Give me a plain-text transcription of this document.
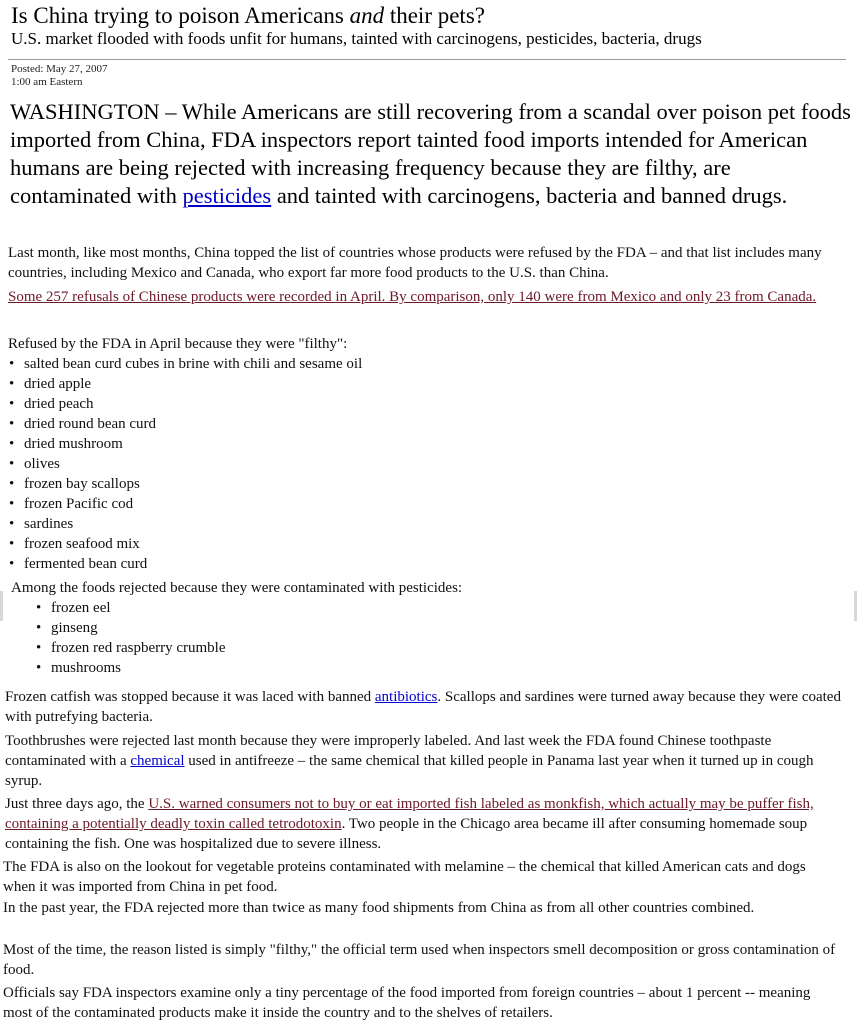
Is China trying to poison Americans and their pets?

U.S. market flooded with foods unfit for humans, tainted with carcinogens, pesticides, bacteria, drugs

Posted: May 27, 2007
1:00 am Eastern
WASHINGTON – While Americans are still recovering from a scandal over poison pet foods imported from China, FDA inspectors report tainted food imports intended for American humans are being rejected with increasing frequency because they are filthy, are contaminated with pesticides and tainted with carcinogens, bacteria and banned drugs.
Last month, like most months, China topped the list of countries whose products were refused by the FDA – and that list includes many countries, including Mexico and Canada, who export far more food products to the U.S. than China.
Some 257 refusals of Chinese products were recorded in April. By comparison, only 140 were from Mexico and only 23 from Canada.
Refused by the FDA in April because they were "filthy":
• salted bean curd cubes in brine with chili and sesame oil
• dried apple
• dried peach
• dried round bean curd
• dried mushroom
• olives
• frozen bay scallops
• frozen Pacific cod
• sardines
• frozen seafood mix
• fermented bean curd
Among the foods rejected because they were contaminated with pesticides:
• frozen eel
• ginseng
• frozen red raspberry crumble
• mushrooms
Frozen catfish was stopped because it was laced with banned antibiotics. Scallops and sardines were turned away because they were coated with putrefying bacteria.
Toothbrushes were rejected last month because they were improperly labeled. And last week the FDA found Chinese toothpaste contaminated with a chemical used in antifreeze – the same chemical that killed people in Panama last year when it turned up in cough syrup.
Just three days ago, the U.S. warned consumers not to buy or eat imported fish labeled as monkfish, which actually may be puffer fish, containing a potentially deadly toxin called tetrodotoxin. Two people in the Chicago area became ill after consuming homemade soup containing the fish. One was hospitalized due to severe illness.
The FDA is also on the lookout for vegetable proteins contaminated with melamine – the chemical that killed American cats and dogs when it was imported from China in pet food.
In the past year, the FDA rejected more than twice as many food shipments from China as from all other countries combined.
Most of the time, the reason listed is simply "filthy," the official term used when inspectors smell decomposition or gross contamination of food.
Officials say FDA inspectors examine only a tiny percentage of the food imported from foreign countries – about 1 percent -- meaning most of the contaminated products make it inside the country and to the shelves of retailers.
